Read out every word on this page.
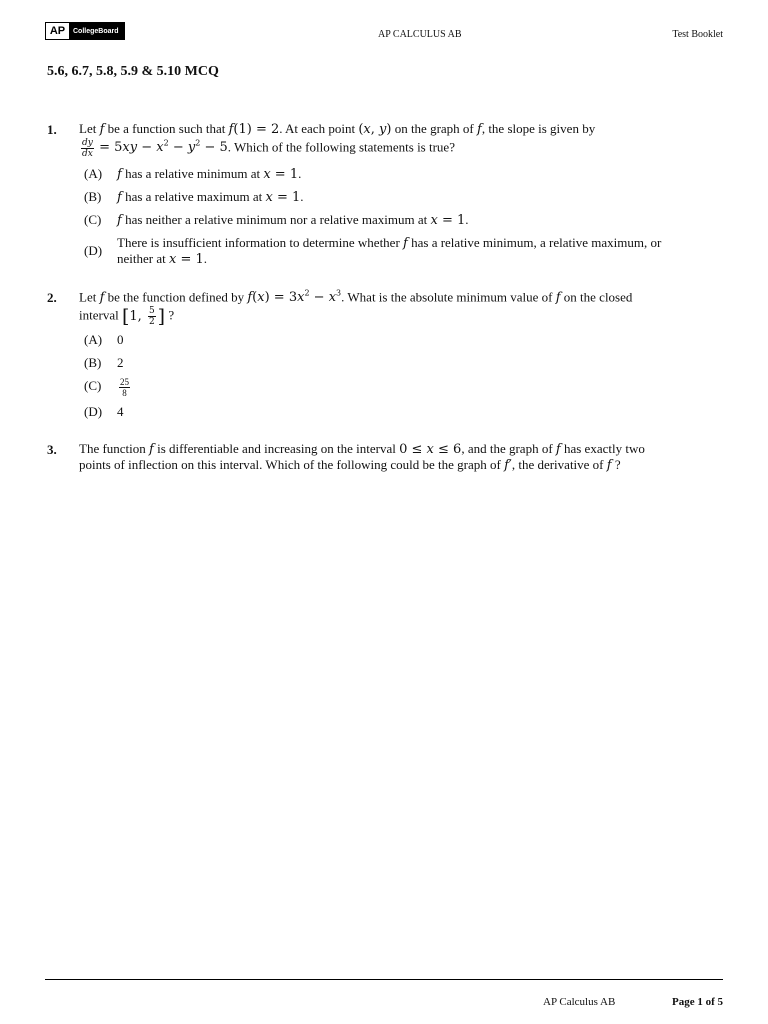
AP	CollegeBoard	AP CALCULUS AB	Test Booklet
5.6, 6.7, 5.8, 5.9 & 5.10 MCQ
1. Let f be a function such that f(1) = 2. At each point (x, y) on the graph of f, the slope is given by
$\frac{dy}{dx} = 5xy - x^2 - y^2 - 5$. Which of the following statements is true?
(A) f has a relative minimum at x = 1.
(B) f has a relative maximum at x = 1.
(C) f has neither a relative minimum nor a relative maximum at x = 1.
(D)
There is insufficient information to determine whether f has a relative minimum, a relative maximum, or
neither at x = 1.
2. Let f be the function defined by $f(x) = 3x^2 - x^3$. What is the absolute minimum value of f on the closed
interval [1, $\frac{5}{2}$ ] ?
(A) 0
(B) 2
$(C) \frac{25}{8}$
(D) 4
3. The function f is differentiable and increasing on the interval 0 ≤ x ≤ 6, and the graph of f has exactly two
points of inflection on this interval. Which of the following could be the graph of f′, the derivative of f ?
AP Calculus AB	Page 1 of 5
